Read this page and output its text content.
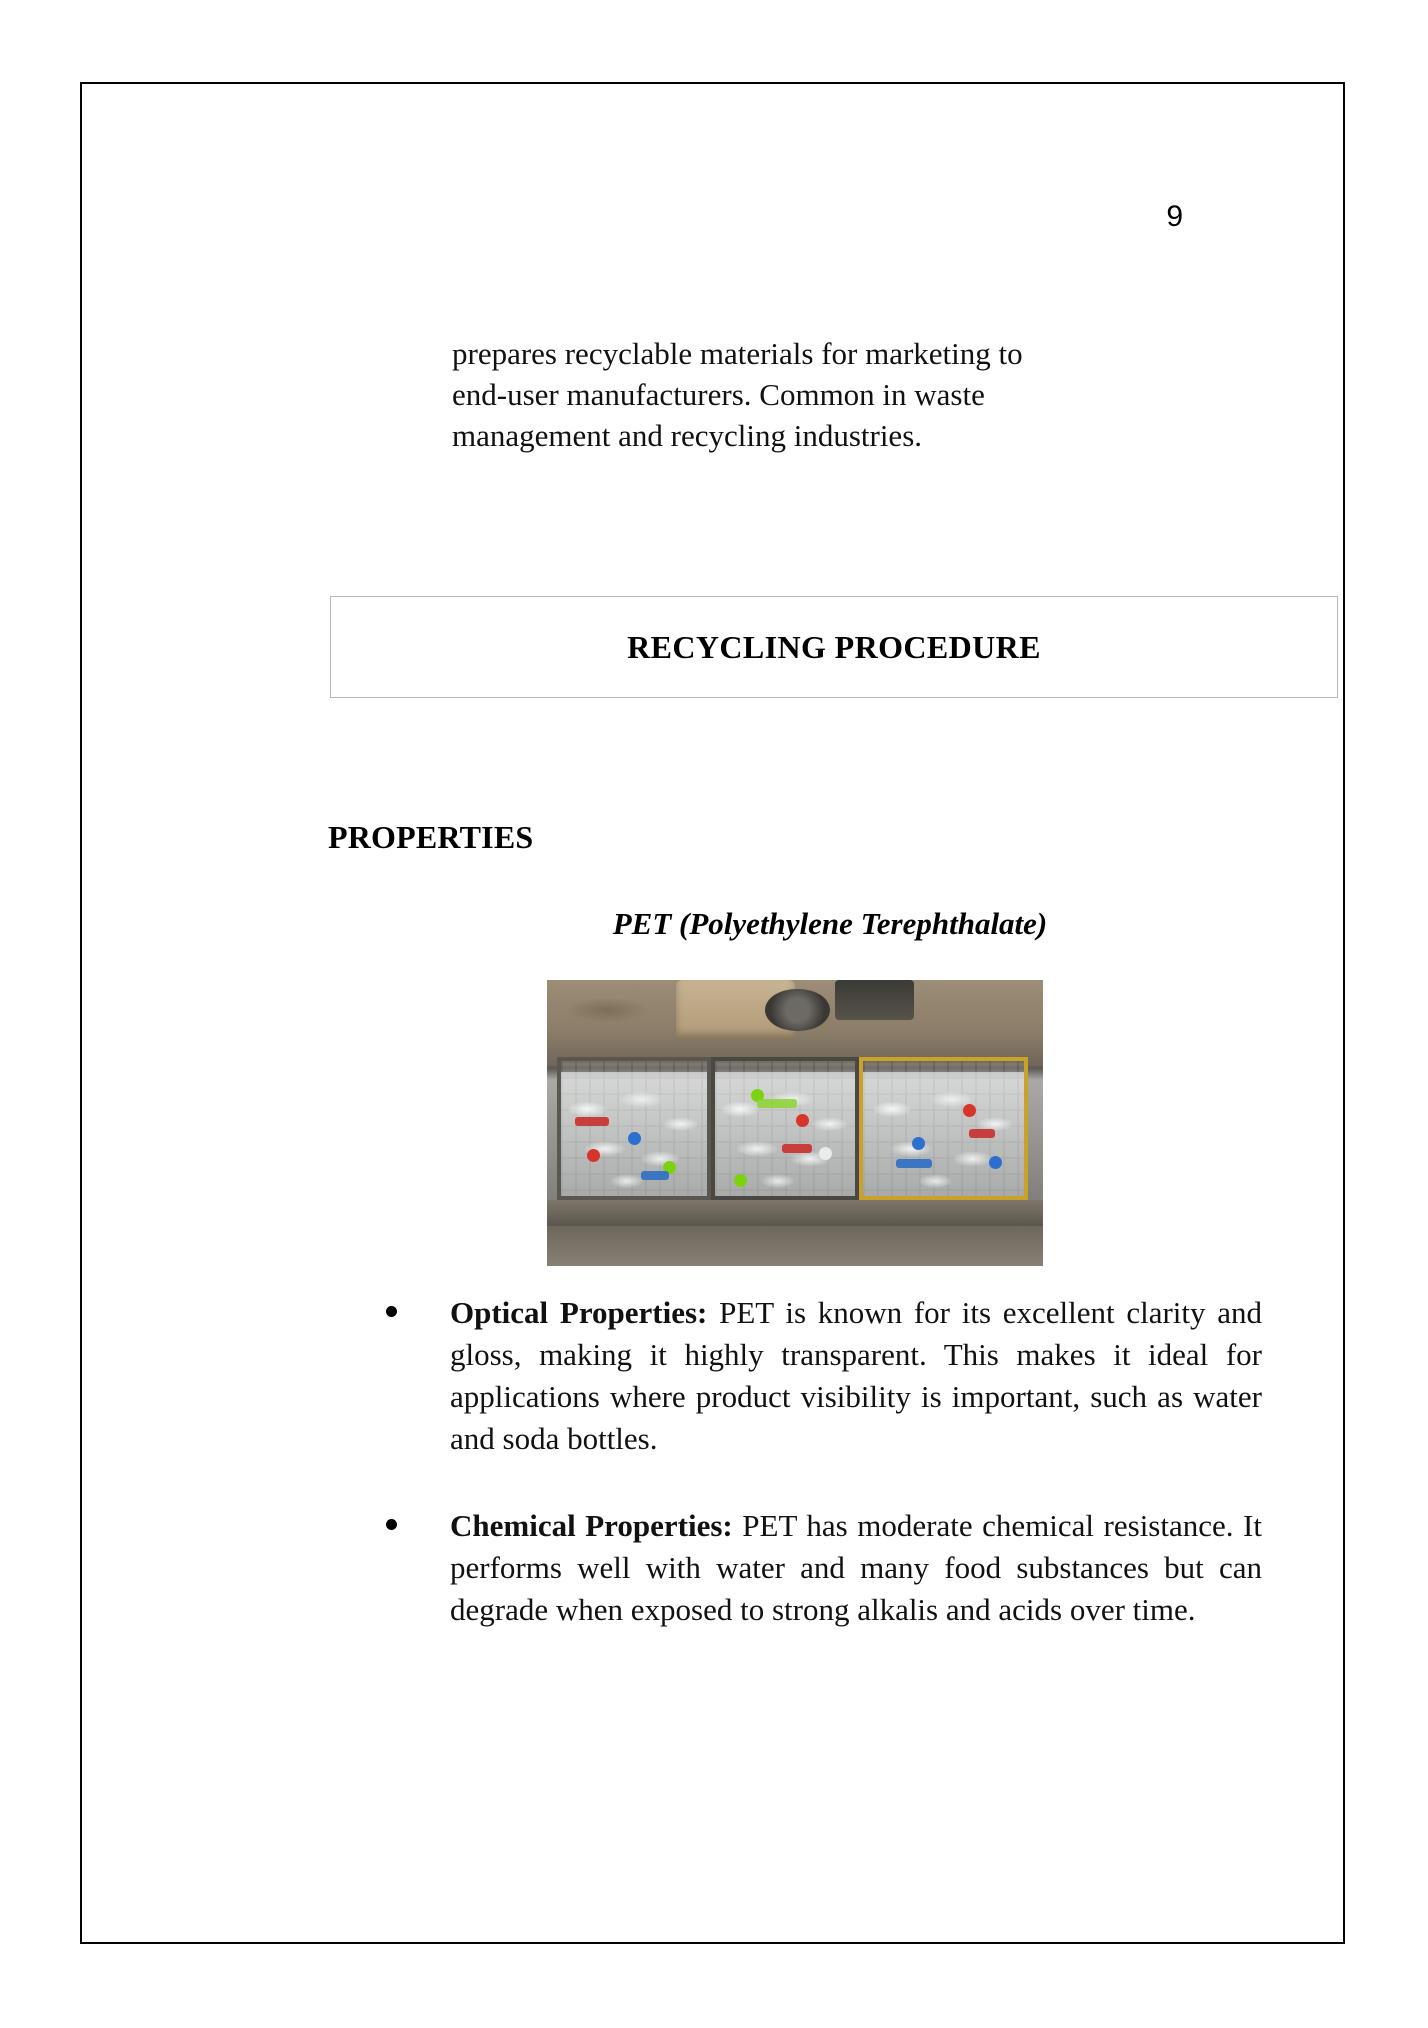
9
prepares recyclable materials for marketing to
end-user manufacturers. Common in waste
management and recycling industries.
RECYCLING PROCEDURE
PROPERTIES
PET (Polyethylene Terephthalate)
Optical Properties: PET is known for its excellent clarity and gloss, making it highly transparent. This makes it ideal for applications where product visibility is important, such as water and soda bottles.
Chemical Properties: PET has moderate chemical resistance. It performs well with water and many food substances but can degrade when exposed to strong alkalis and acids over time.
